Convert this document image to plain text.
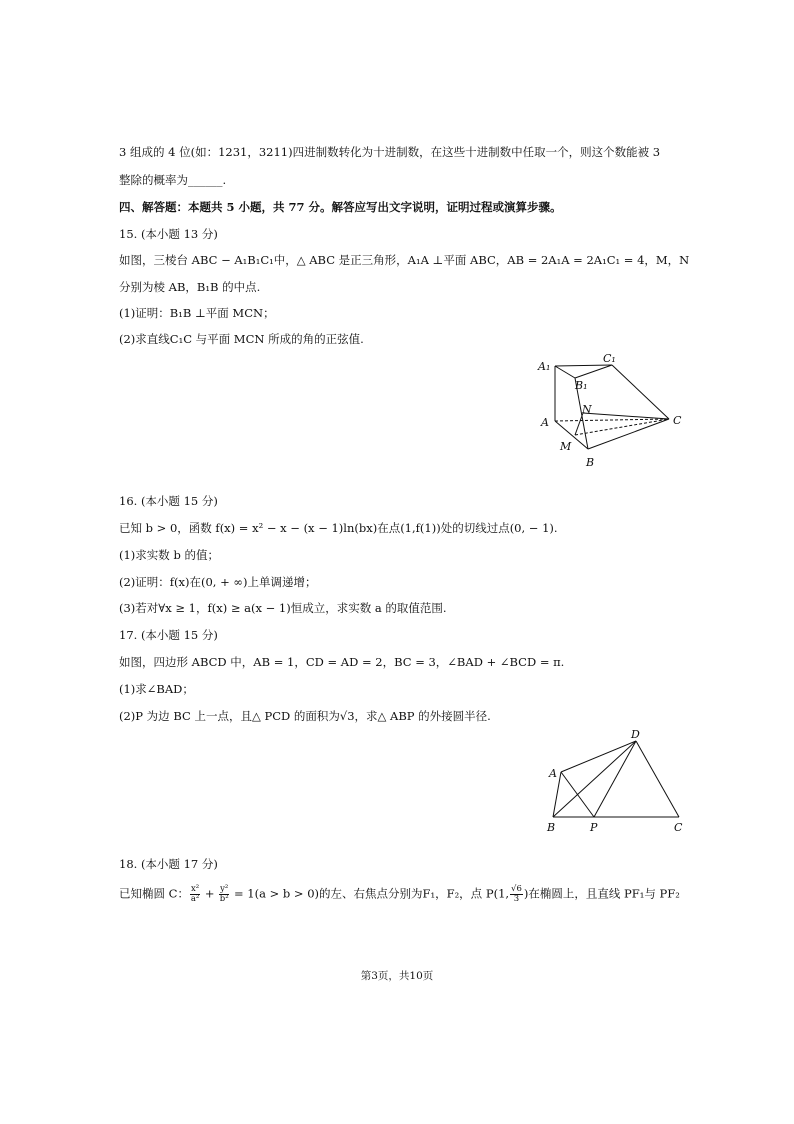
3 组成的 4 位(如：1231，3211)四进制数转化为十进制数，在这些十进制数中任取一个，则这个数能被 3
整除的概率为______.
四、解答题：本题共 5 小题，共 77 分。解答应写出文字说明，证明过程或演算步骤。
15. (本小题 13 分)
如图，三棱台 ABC − A₁B₁C₁中，△ ABC 是正三角形，A₁A ⊥平面 ABC，AB = 2A₁A = 2A₁C₁ = 4，M，N
分别为棱 AB，B₁B 的中点.
(1)证明：B₁B ⊥平面 MCN；
(2)求直线C₁C 与平面 MCN 所成的角的正弦值.
A₁
C₁
B₁
N
A	C
M
B
16. (本小题 15 分)
已知 b > 0，函数 f(x) = x² − x − (x − 1)ln(bx)在点(1,f(1))处的切线过点(0, − 1).
(1)求实数 b 的值；
(2)证明：f(x)在(0, + ∞)上单调递增；
(3)若对∀x ≥ 1，f(x) ≥ a(x − 1)恒成立，求实数 a 的取值范围.
17. (本小题 15 分)
如图，四边形 ABCD 中，AB = 1，CD = AD = 2，BC = 3，∠BAD + ∠BCD = π.
(1)求∠BAD；
(2)P 为边 BC 上一点，且△ PCD 的面积为√3，求△ ABP 的外接圆半径.
D
A
B	P	C
18. (本小题 17 分)
已知椭圆 C： $\frac{\text{x²}}{\text{a²}} + \frac{\text{y²}}{\text{b²}} = 1(a > b > 0)$的左、右焦点分别为F₁，F₂，点 P(1, $\frac{√6}{3}$ )在椭圆上，且直线 PF₁与 PF₂
第3页，共10页
